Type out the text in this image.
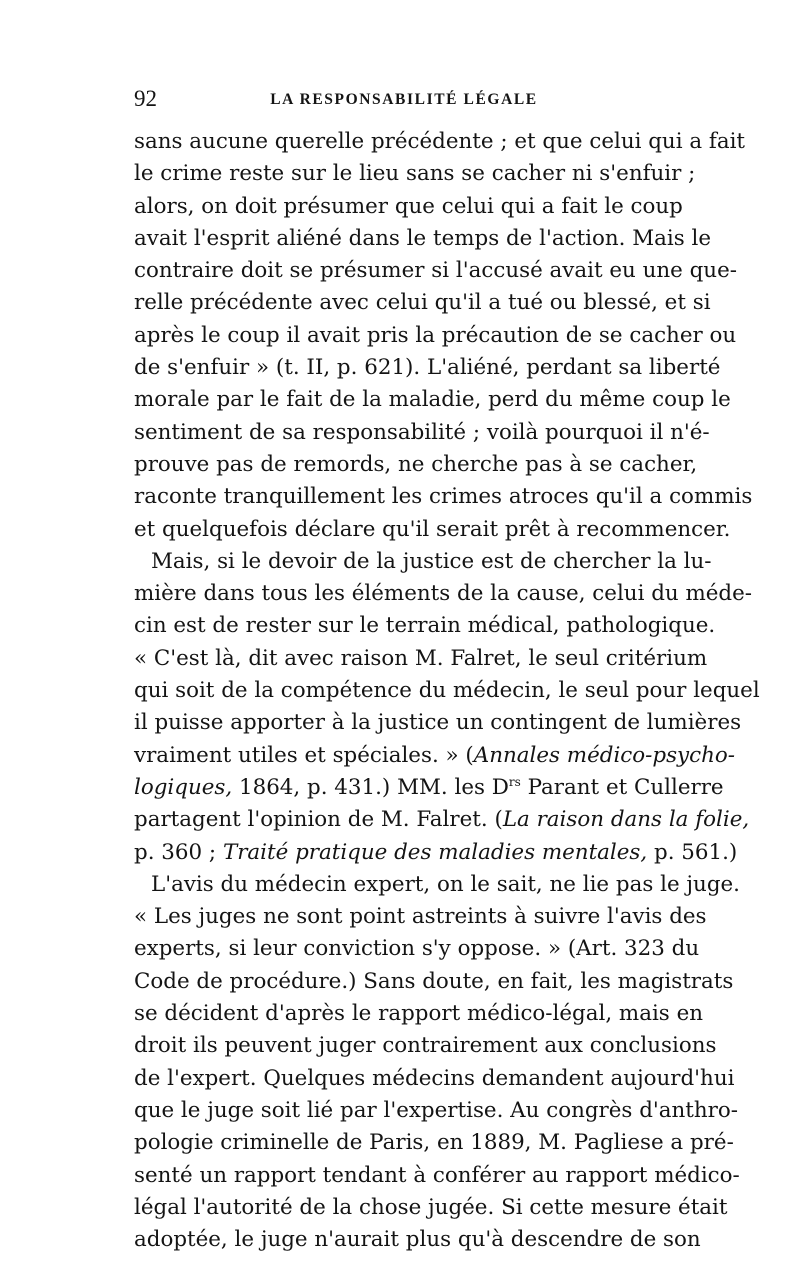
92	LA RESPONSABILITÉ LÉGALE
sans aucune querelle précédente ; et que celui qui a fait
le crime reste sur le lieu sans se cacher ni s'enfuir ;
alors, on doit présumer que celui qui a fait le coup
avait l'esprit aliéné dans le temps de l'action. Mais le
contraire doit se présumer si l'accusé avait eu une que-
relle précédente avec celui qu'il a tué ou blessé, et si
après le coup il avait pris la précaution de se cacher ou
de s'enfuir » (t. II, p. 621). L'aliéné, perdant sa liberté
morale par le fait de la maladie, perd du même coup le
sentiment de sa responsabilité ; voilà pourquoi il n'é-
prouve pas de remords, ne cherche pas à se cacher,
raconte tranquillement les crimes atroces qu'il a commis
et quelquefois déclare qu'il serait prêt à recommencer.
Mais, si le devoir de la justice est de chercher la lu-
mière dans tous les éléments de la cause, celui du méde-
cin est de rester sur le terrain médical, pathologique.
« C'est là, dit avec raison M. Falret, le seul critérium
qui soit de la compétence du médecin, le seul pour lequel
il puisse apporter à la justice un contingent de lumières
vraiment utiles et spéciales. » (Annales médico-psycho-
logiques, 1864, p. 431.) MM. les $D^{rs}$ Parant et Cullerre
partagent l'opinion de M. Falret. (La raison dans la folie,
p. 360 ; Traité pratique des maladies mentales, p. 561.)
L'avis du médecin expert, on le sait, ne lie pas le juge.
« Les juges ne sont point astreints à suivre l'avis des
experts, si leur conviction s'y oppose. » (Art. 323 du
Code de procédure.) Sans doute, en fait, les magistrats
se décident d'après le rapport médico-légal, mais en
droit ils peuvent juger contrairement aux conclusions
de l'expert. Quelques médecins demandent aujourd'hui
que le juge soit lié par l'expertise. Au congrès d'anthro-
pologie criminelle de Paris, en 1889, M. Pagliese a pré-
senté un rapport tendant à conférer au rapport médico-
légal l'autorité de la chose jugée. Si cette mesure était
adoptée, le juge n'aurait plus qu'à descendre de son
